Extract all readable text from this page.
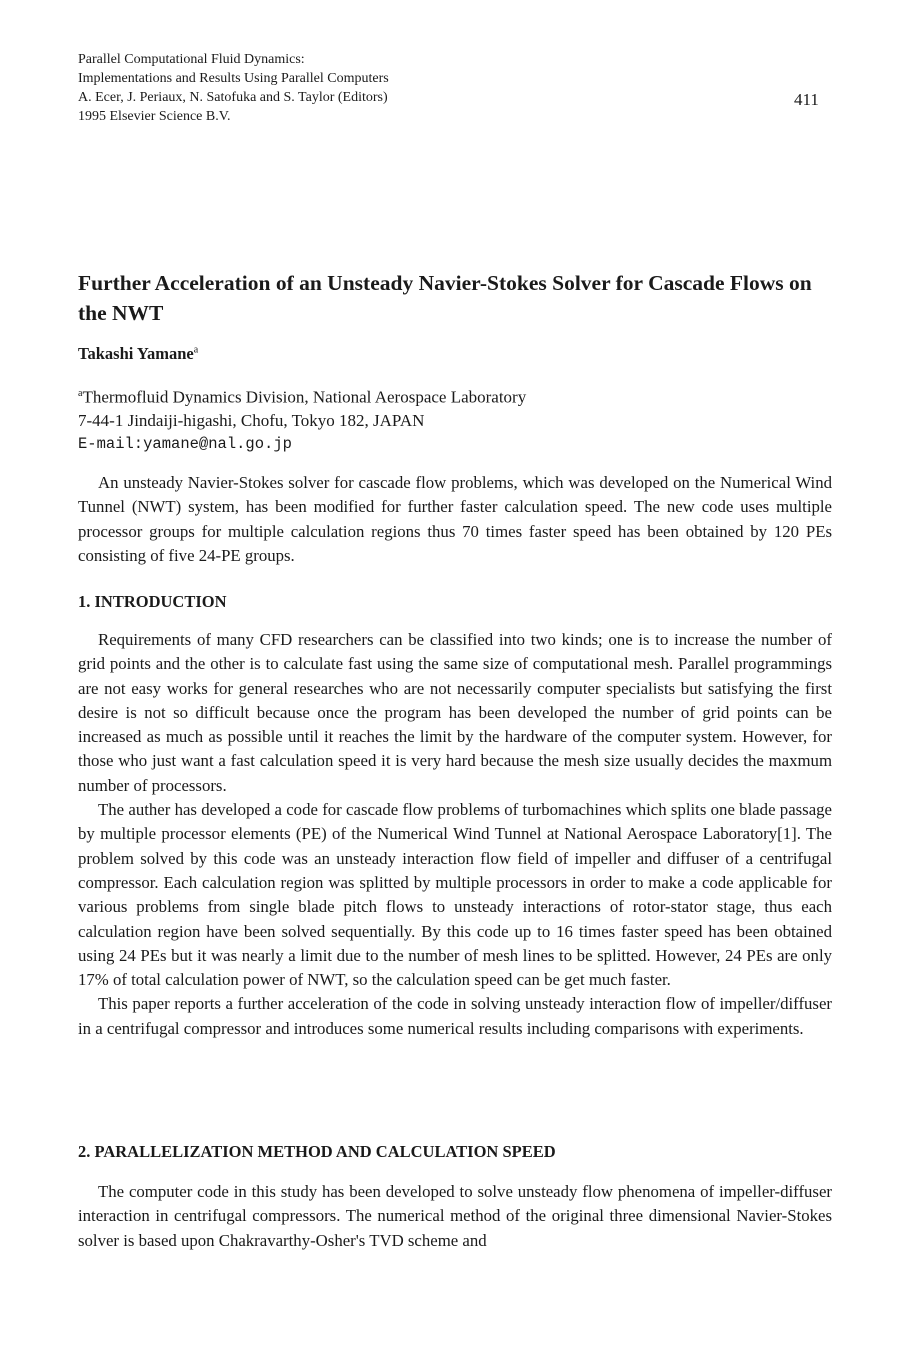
Parallel Computational Fluid Dynamics:
Implementations and Results Using Parallel Computers
A. Ecer, J. Periaux, N. Satofuka and S. Taylor (Editors)
1995 Elsevier Science B.V.
411
Further Acceleration of an Unsteady Navier-Stokes Solver for Cascade Flows on the NWT
Takashi Yamane$^a$
$^a$Thermofluid Dynamics Division, National Aerospace Laboratory
7-44-1 Jindaiji-higashi, Chofu, Tokyo 182, JAPAN
E-mail:yamane@nal.go.jp

An unsteady Navier-Stokes solver for cascade flow problems, which was developed on the Numerical Wind Tunnel (NWT) system, has been modified for further faster calculation speed. The new code uses multiple processor groups for multiple calculation regions thus 70 times faster speed has been obtained by 120 PEs consisting of five 24-PE groups.

1. INTRODUCTION

Requirements of many CFD researchers can be classified into two kinds; one is to increase the number of grid points and the other is to calculate fast using the same size of computational mesh. Parallel programmings are not easy works for general researches who are not necessarily computer specialists but satisfying the first desire is not so difficult because once the program has been developed the number of grid points can be increased as much as possible until it reaches the limit by the hardware of the computer system. However, for those who just want a fast calculation speed it is very hard because the mesh size usually decides the maxmum number of processors.

The auther has developed a code for cascade flow problems of turbomachines which splits one blade passage by multiple processor elements (PE) of the Numerical Wind Tunnel at National Aerospace Laboratory[1]. The problem solved by this code was an unsteady interaction flow field of impeller and diffuser of a centrifugal compressor. Each calculation region was splitted by multiple processors in order to make a code applicable for various problems from single blade pitch flows to unsteady interactions of rotor-stator stage, thus each calculation region have been solved sequentially. By this code up to 16 times faster speed has been obtained using 24 PEs but it was nearly a limit due to the number of mesh lines to be splitted. However, 24 PEs are only 17% of total calculation power of NWT, so the calculation speed can be get much faster.

This paper reports a further acceleration of the code in solving unsteady interaction flow of impeller/diffuser in a centrifugal compressor and introduces some numerical results including comparisons with experiments.

2. PARALLELIZATION METHOD AND CALCULATION SPEED

The computer code in this study has been developed to solve unsteady flow phenomena of impeller-diffuser interaction in centrifugal compressors. The numerical method of the original three dimensional Navier-Stokes solver is based upon Chakravarthy-Osher's TVD scheme and
